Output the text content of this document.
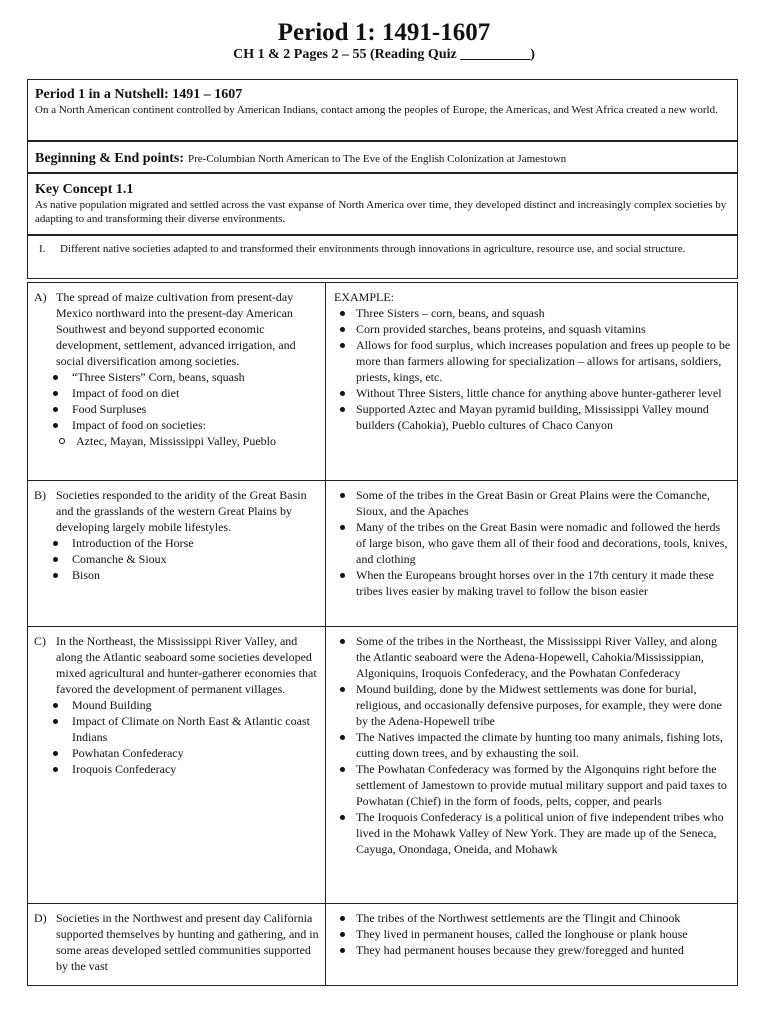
Period 1: 1491-1607
CH 1 & 2 Pages 2 – 55 (Reading Quiz __________)
Period 1 in a Nutshell: 1491 – 1607
On a North American continent controlled by American Indians, contact among the peoples of Europe, the Americas, and West Africa created a new world.
Beginning & End points: Pre-Columbian North American to The Eve of the English Colonization at Jamestown
Key Concept 1.1
As native population migrated and settled across the vast expanse of North America over time, they developed distinct and increasingly complex societies by adapting to and transforming their diverse environments.
I. Different native societies adapted to and transformed their environments through innovations in agriculture, resource use, and social structure.
A) The spread of maize cultivation from present-day Mexico northward into the present-day American Southwest and beyond supported economic development, settlement, advanced irrigation, and social diversification among societies.
“Three Sisters” Corn, beans, squash
Impact of food on diet
Food Surpluses
Impact of food on societies:
Aztec, Mayan, Mississippi Valley, Pueblo
EXAMPLE:
Three Sisters – corn, beans, and squash
Corn provided starches, beans proteins, and squash vitamins
Allows for food surplus, which increases population and frees up people to be more than farmers allowing for specialization – allows for artisans, soldiers, priests, kings, etc.
Without Three Sisters, little chance for anything above hunter-gatherer level
Supported Aztec and Mayan pyramid building, Mississippi Valley mound builders (Cahokia), Pueblo cultures of Chaco Canyon
B) Societies responded to the aridity of the Great Basin and the grasslands of the western Great Plains by developing largely mobile lifestyles.
Introduction of the Horse
Comanche & Sioux
Bison
Some of the tribes in the Great Basin or Great Plains were the Comanche, Sioux, and the Apaches
Many of the tribes on the Great Basin were nomadic and followed the herds of large bison, who gave them all of their food and decorations, tools, knives, and clothing
When the Europeans brought horses over in the 17th century it made these tribes lives easier by making travel to follow the bison easier
C) In the Northeast, the Mississippi River Valley, and along the Atlantic seaboard some societies developed mixed agricultural and hunter-gatherer economies that favored the development of permanent villages.
Mound Building
Impact of Climate on North East & Atlantic coast Indians
Powhatan Confederacy
Iroquois Confederacy
Some of the tribes in the Northeast, the Mississippi River Valley, and along the Atlantic seaboard were the Adena-Hopewell, Cahokia/Mississippian, Algoniquins, Iroquois Confederacy, and the Powhatan Confederacy
Mound building, done by the Midwest settlements was done for burial, religious, and occasionally defensive purposes, for example, they were done by the Adena-Hopewell tribe
The Natives impacted the climate by hunting too many animals, fishing lots, cutting down trees, and by exhausting the soil.
The Powhatan Confederacy was formed by the Algonquins right before the settlement of Jamestown to provide mutual military support and paid taxes to Powhatan (Chief) in the form of foods, pelts, copper, and pearls
The Iroquois Confederacy is a political union of five independent tribes who lived in the Mohawk Valley of New York. They are made up of the Seneca, Cayuga, Onondaga, Oneida, and Mohawk
D) Societies in the Northwest and present day California supported themselves by hunting and gathering, and in some areas developed settled communities supported by the vast
The tribes of the Northwest settlements are the Tlingit and Chinook
They lived in permanent houses, called the longhouse or plank house
They had permanent houses because they grew/foregged and hunted
